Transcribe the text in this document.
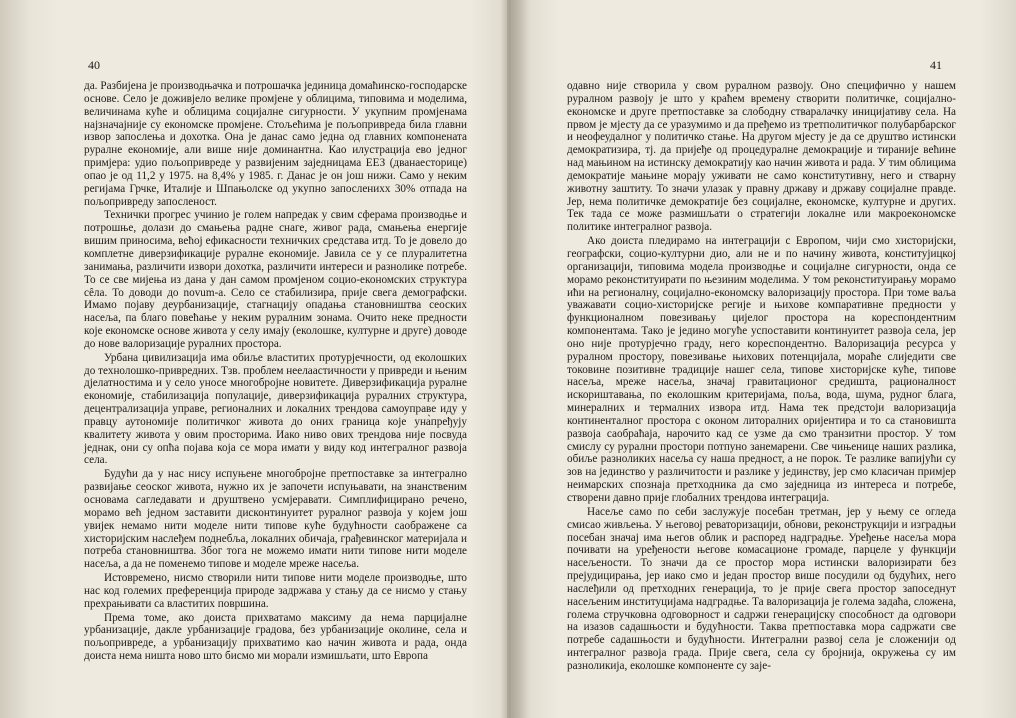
40

да. Разбијена је производњачка и потрошачка јединица домаћинско-господарске основе. Село је доживјело велике промјене у облицима, типовима и моделима, величинама куће и облицима социјалне сигурности. У укупним промјенама најзначајније су економске промјене. Стољећима је пољопривреда била главни извор запослења и дохотка. Она је данас само једна од главних компонената руралне економије, али више није доминантна. Као илустрација ево једног примјера: удио пољопривреде у развијеним заједницама ЕЕЗ (дванаесторице) опао је од 11,2 у 1975. на 8,4% у 1985. г. Данас је он још нижи. Само у неким регијама Грчке, Италије и Шпањолске од укупно запосленихх 30% отпада на пољопривреду запосленост.

Технички прогрес учинио је голем напредак у свим сферама производње и потрошње, долази до смањења радне снаге, живог рада, смањења енергије вишим приносима, већој ефикасности техничких средстава итд. То је довело до комплетне диверзификације руралне економије. Јавила се у ce плуралитетна занимања, различити извори дохотка, различити интереси и разнолике потребе. То се све мијења из дана у дан самом промјеном социо-економских структура сêла. То доводи до novum-a. Село се стабилизира, прије свега демографски. Имамо појаву деурбанизације, стагнацију опадања становништва сеоских насеља, па благо повећање у неким руралним зонама. Очито неке предности које економске основе живота у селу имају (еколошке, културне и друге) доводе до нове валоризације руралних простора.

Урбана цивилизација има обиље властитих протурјечности, од еколошких до технолошко-привредних. Тзв. проблем неелаастичности у привреди и њеним дјелатностима и у село уносе многобројне новитете. Диверзификација руралне економије, стабилизација популације, диверзификација руралних структура, децентрализација управе, регионалних и локалних трендова самоуправе иду у правцу аутономије политичког живота до оних граница које уна̀пређују квалитету живота у овим просторима. Иако ниво ових трендова није посвуда једнак, они су опћа појава која се мора имати у виду код интегралног развоја села.

Будући да у нас нису испуњене многобројне претпоставке за интегрално развијање сеоског живота, нужно их је започети испуњавати, на знанственим основама сагледавати и друштвено усмјеравати. Симплифицирано речено, морамо већ једном заставити дисконтинуитет руралног развоја у којем још увијек немамо нити моделе нити типове куће будућности саображене са хисторијским наслеђем поднебља, локалних обичаја, грађевинског материјала и потреба становништва. Због тога не можемо имати нити типове нити моделе насеља, а да не поменемо типове и моделе мреже насеља.

Истовремено, нисмо створили нити типове нити моделе производње, што нас код големих преференција природе задржава у стању да се нисмо у стању прехрањивати са властитих површина.

Према томе, ако доиста прихватамо максиму да нема парцијалне урбанизације, дакле урбанизације градова, без урбанизације околине, села и пољопривреде, а урбанизацију прихватимо као начин живота и рада, онда доиста нема ништа ново што бисмо ми морали измишљати, што Европа

41

одавно није створила у свом руралном развоју. Оно специфично у нашем руралном развоју је што у краћем времену створити политичке, социјално-економске и друге претпоставке за слободну стваралачку иницијативу села. На првом је мјесту да се уразумимо и да пређемо из третполитичког полубарбарског и неофеудалног у политичко стање. На другом мјесту је да се друштво истински демократизира, тј. да пријеђе од процедуралне демокрације и тираније већине над мањином на истинску демократију као начин живота и рада. У тим облицима демократије мањине морају уживати не само конститутивну, него и стварну животну заштиту. То значи улазак у правну државу и државу социјалне правде. Јер, нема политичке демократије без социјалне, економске, културне и других. Тек тада се може размишљати о стратегији локалне или макроекономске политике интегралног развоја.

Ако доиста пледирамо на интеграцији с Европом, чији смо хисторијски, географски, социо-културни дио, али не и по начину живота, конститујицкој организацији, типовима модела производње и социјалне сигурности, онда се морамо реконституирати по њезиним моделима. У том реконституирању морамо ићи на регионалну, социјално-економску валоризацију простора. При томе ваља уважавати социо-хисторијске регије и њихове компаративне предности у функционалном повезивању цијелог простора на кореспондентним компонентама. Тако је једино могуће успоставити континуитет развоја села, јер оно није протурјечно граду, него кореспондентно. Валоризација ресурса у руралном простору, повезивање њихових потенцијала, мораће слиједити све токовине позитивне традиције нашег села, типове хисторијске куће, типове насеља, мреже насеља, значај гравитационог средишта, рационалност искориштавања, по еколошким критеријама, поља, вода, шума, рудног блага, минералних и термалних извора итд. Нама тек предстоји валоризација континенталног простора с оконом литоралних оријентира и то са становишта развоја саобраћаја, нарочито кад се узме да смо транзитни простор. У том смислу су рурални простори потпуно занемарени. Све чињенице наших разлика, обиље разноликих насеља су наша предност, а не порок. Те разлике вапијући су зов на јединство у различитости и разлике у јединству, јер смо класичан примјер неимарских спознаја претходника да смо заједница из интереса и потребе, створени давно прије глобалних трендова интеграција.

Насеље само по себи заслужује посебан третман, јер у њему се огледа смисао живљења. У његовој реваторизацији, обнови, реконструкцији и изградњи посебан значај има његов облик и распоред надградње. Уређење насеља мора почивати на уређености његове комасационе громаде, парцеле у функцији насељености. То значи да се простор мора истински валоризирати без прејудицирања, јер иако смо и један простор више посудили од будућих, него наслеђили од претходних генерација, то је прије свега простор запоседнут насељеним институцијама надградње. Та валоризација је голема задаћа, сложена, голема стручковна одговорност и садржи генерацијску способност да одговори на изазов садашњости и будућности. Таква претпоставка мора садржати све потребе садашњости и будућности. Интегрални развој села је сложенији од интегралног развоја града. Прије свега, села су бројнија, окружења су им разноликија, еколошке компоненте су зајe-
